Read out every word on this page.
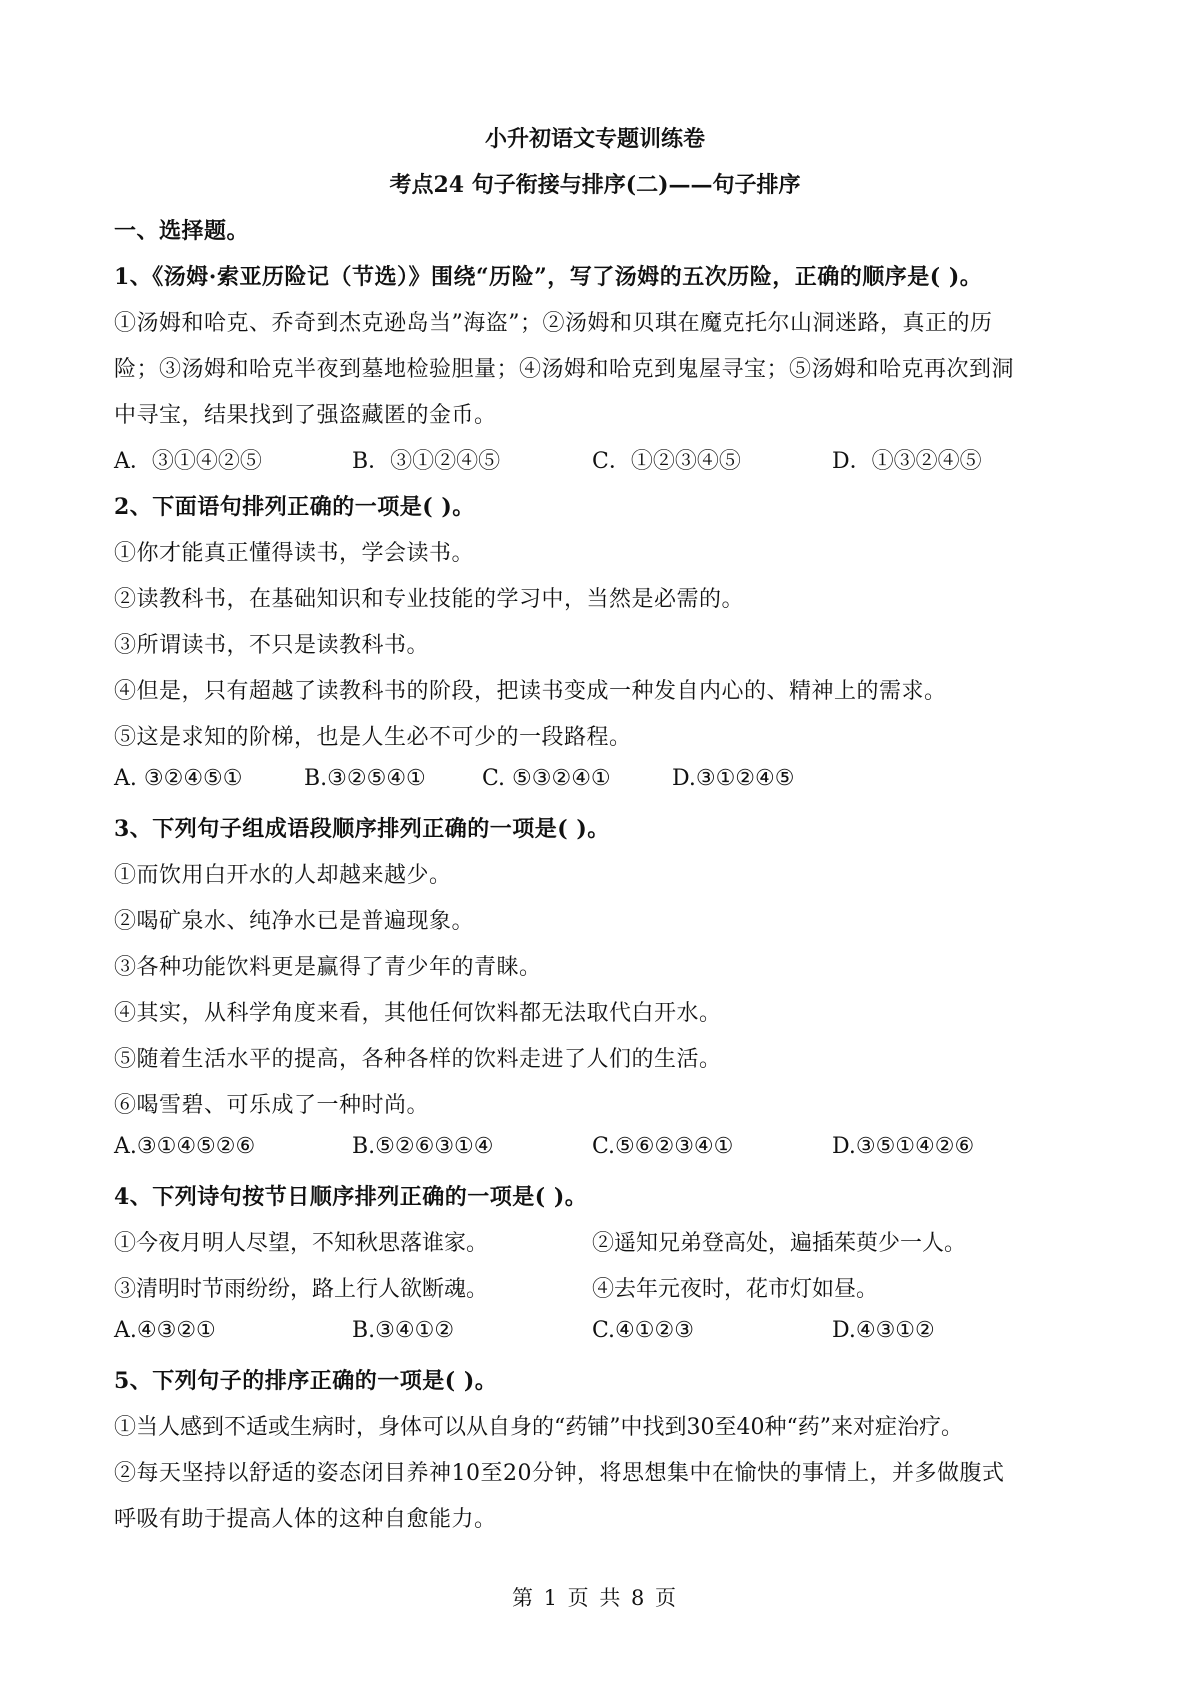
小升初语文专题训练卷
考点24 句子衔接与排序(二)——句子排序
一、选择题。
1、《汤姆·索亚历险记（节选）》围绕“历险”，写了汤姆的五次历险，正确的顺序是( )。
①汤姆和哈克、乔奇到杰克逊岛当”海盗”；②汤姆和贝琪在魔克托尔山洞迷路，真正的历
险；③汤姆和哈克半夜到墓地检验胆量；④汤姆和哈克到鬼屋寻宝；⑤汤姆和哈克再次到洞
中寻宝，结果找到了强盗藏匿的金币。
A．③①④②⑤	B．③①②④⑤	C．①②③④⑤	D．①③②④⑤
2、下面语句排列正确的一项是( )。
①你才能真正懂得读书，学会读书。
②读教科书，在基础知识和专业技能的学习中，当然是必需的。
③所谓读书，不只是读教科书。
④但是，只有超越了读教科书的阶段，把读书变成一种发自内心的、精神上的需求。
⑤这是求知的阶梯，也是人生必不可少的一段路程。
A. ③②④⑤①	B.③②⑤④①	C. ⑤③②④①	D.③①②④⑤
3、下列句子组成语段顺序排列正确的一项是( )。
①而饮用白开水的人却越来越少。
②喝矿泉水、纯净水已是普遍现象。
③各种功能饮料更是赢得了青少年的青睐。
④其实，从科学角度来看，其他任何饮料都无法取代白开水。
⑤随着生活水平的提高，各种各样的饮料走进了人们的生活。
⑥喝雪碧、可乐成了一种时尚。
A.③①④⑤②⑥	B.⑤②⑥③①④	C.⑤⑥②③④①	D.③⑤①④②⑥
4、下列诗句按节日顺序排列正确的一项是( )。
①今夜月明人尽望，不知秋思落谁家。	②遥知兄弟登高处，遍插茱萸少一人。
③清明时节雨纷纷，路上行人欲断魂。	④去年元夜时，花市灯如昼。
A.④③②①	B.③④①②	C.④①②③	D.④③①②
5、下列句子的排序正确的一项是( )。
①当人感到不适或生病时，身体可以从自身的“药铺”中找到30至40种“药”来对症治疗。
②每天坚持以舒适的姿态闭目养神10至20分钟，将思想集中在愉快的事情上，并多做腹式
呼吸有助于提高人体的这种自愈能力。
第 1 页 共 8 页
